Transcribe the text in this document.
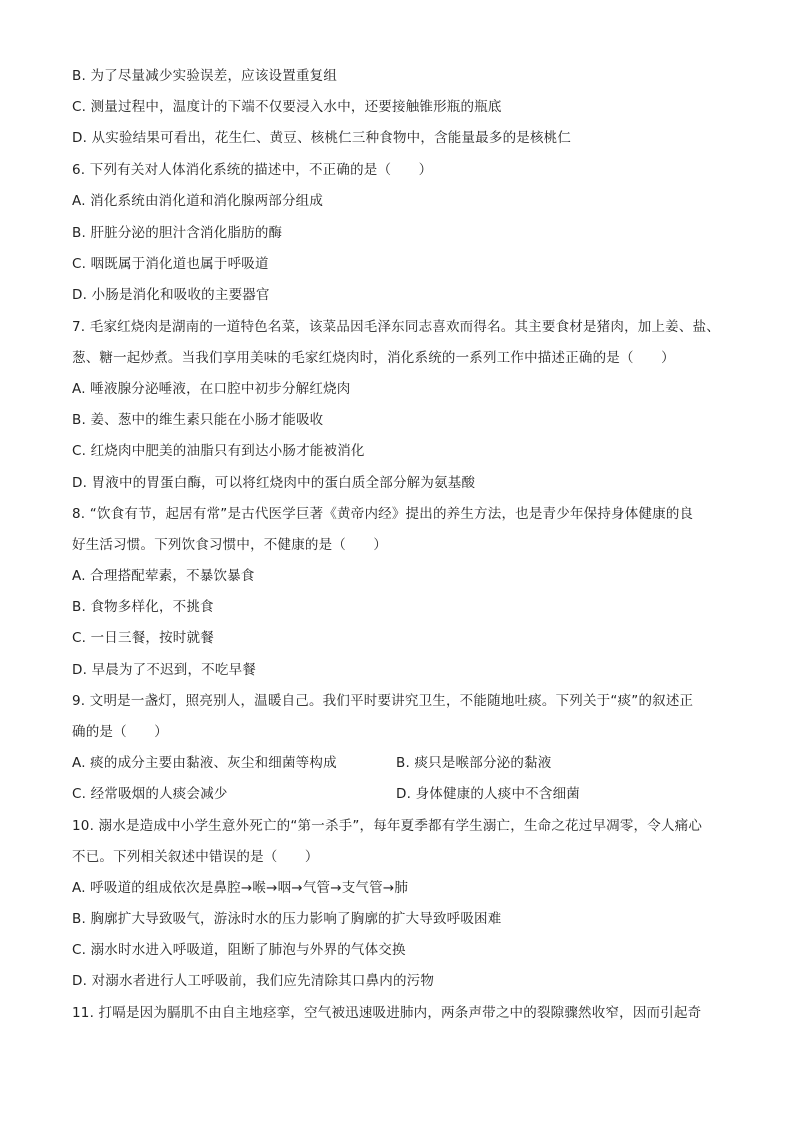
B. 为了尽量减少实验误差，应该设置重复组
C. 测量过程中，温度计的下端不仅要浸入水中，还要接触锥形瓶的瓶底
D. 从实验结果可看出，花生仁、黄豆、核桃仁三种食物中，含能量最多的是核桃仁
6. 下列有关对人体消化系统的描述中，不正确的是（　　）
A. 消化系统由消化道和消化腺两部分组成
B. 肝脏分泌的胆汁含消化脂肪的酶
C. 咽既属于消化道也属于呼吸道
D. 小肠是消化和吸收的主要器官
7. 毛家红烧肉是湖南的一道特色名菜，该菜品因毛泽东同志喜欢而得名。其主要食材是猪肉，加上姜、盐、
葱、糖一起炒煮。当我们享用美味的毛家红烧肉时，消化系统的一系列工作中描述正确的是（　　）
A. 唾液腺分泌唾液，在口腔中初步分解红烧肉
B. 姜、葱中的维生素只能在小肠才能吸收
C. 红烧肉中肥美的油脂只有到达小肠才能被消化
D. 胃液中的胃蛋白酶，可以将红烧肉中的蛋白质全部分解为氨基酸
8. “饮食有节，起居有常”是古代医学巨著《黄帝内经》提出的养生方法，也是青少年保持身体健康的良
好生活习惯。下列饮食习惯中，不健康的是（　　）
A. 合理搭配荤素，不暴饮暴食
B. 食物多样化，不挑食
C. 一日三餐，按时就餐
D. 早晨为了不迟到，不吃早餐
9. 文明是一盏灯，照亮别人，温暖自己。我们平时要讲究卫生，不能随地吐痰。下列关于“痰”的叙述正
确的是（　　）
A. 痰的成分主要由黏液、灰尘和细菌等构成	B. 痰只是喉部分泌的黏液
C. 经常吸烟的人痰会减少	D. 身体健康的人痰中不含细菌
10. 溺水是造成中小学生意外死亡的“第一杀手”，每年夏季都有学生溺亡，生命之花过早凋零，令人痛心
不已。下列相关叙述中错误的是（　　）
A. 呼吸道的组成依次是鼻腔→喉→咽→气管→支气管→肺
B. 胸廓扩大导致吸气，游泳时水的压力影响了胸廓的扩大导致呼吸困难
C. 溺水时水进入呼吸道，阻断了肺泡与外界的气体交换
D. 对溺水者进行人工呼吸前，我们应先清除其口鼻内的污物
11. 打嗝是因为膈肌不由自主地痉挛，空气被迅速吸进肺内，两条声带之中的裂隙骤然收窄，因而引起奇
